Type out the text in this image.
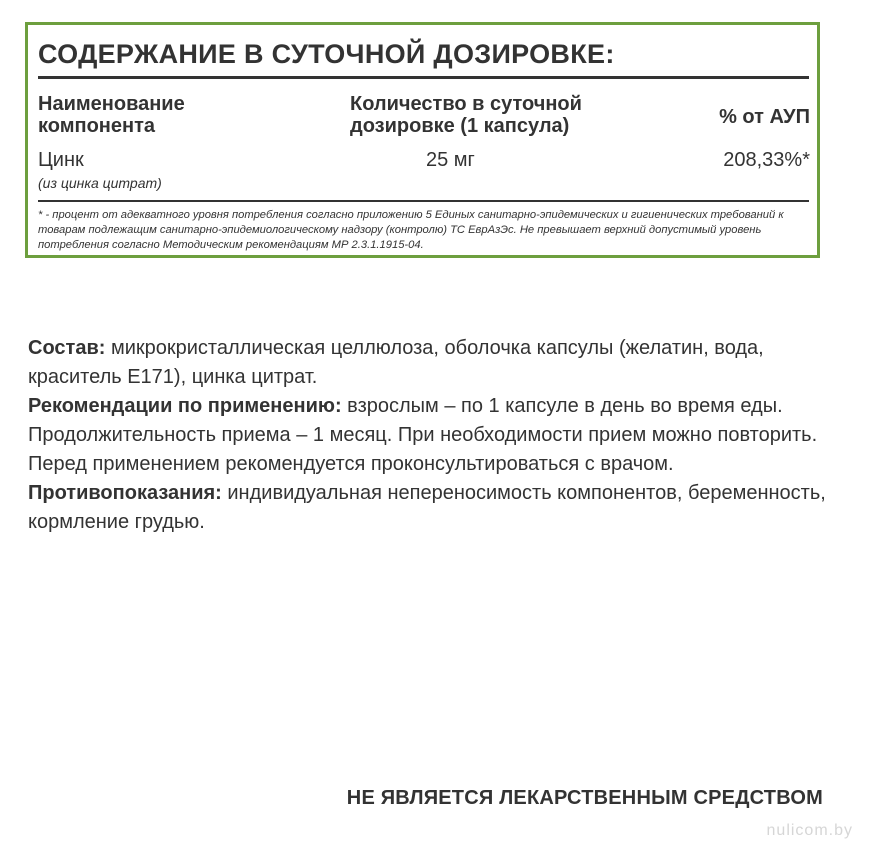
СОДЕРЖАНИЕ В СУТОЧНОЙ ДОЗИРОВКЕ:
Наименование
компонента
Количество в суточной
дозировке (1 капсула)	% от АУП
Цинк
(из цинка цитрат)
25 мг	208,33%*

* - процент от адекватного уровня потребления согласно приложению 5 Единых санитарно-эпидемических и гигиенических требований к товарам подлежащим санитарно-эпидемиологическому надзору (контролю) ТС ЕврАзЭс. Не превышает верхний допустимый уровень потребления согласно Методическим рекомендациям МР 2.3.1.1915-04.

Состав: микрокристаллическая целлюлоза, оболочка капсулы (желатин, вода, краситель Е171), цинка цитрат.

Рекомендации по применению: взрослым – по 1 капсуле в день во время еды. Продолжительность приема – 1 месяц. При необходимости прием можно повторить. Перед применением рекомендуется проконсультироваться с врачом.

Противопоказания: индивидуальная непереносимость компонентов, беременность, кормление грудью.

НЕ ЯВЛЯЕТСЯ ЛЕКАРСТВЕННЫМ СРЕДСТВОМ

nulicom.by
